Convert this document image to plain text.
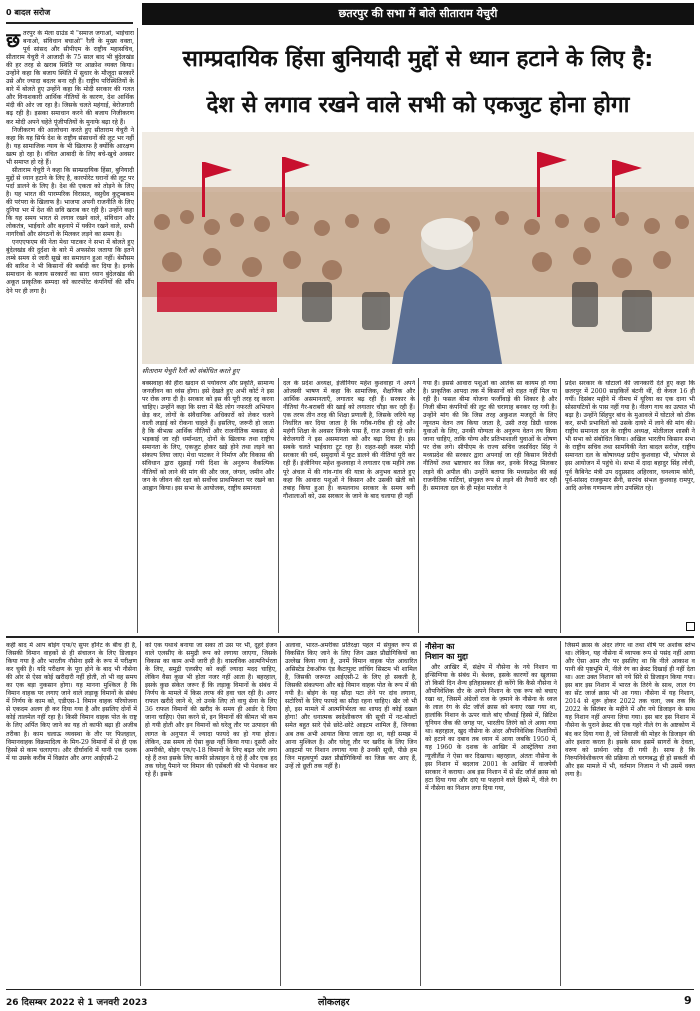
0 बादल सरोज	छतरपुर की सभा में बोले सीताराम येचुरी
साम्प्रदायिक हिंसा बुनियादी मुद्दों से ध्यान हटाने के लिए है:
देश से लगाव रखने वाले सभी को एकजुट होना होगा
सीताराम येचुरी रैली को संबोधित करते हुए

छतरपुर के मेला ग्राउंड में "समाज जगाओ, भाईचारा बनाओ, संविधान बचाओ" रैली के मुख्य वक्ता, पूर्व सांसद और सीपीएम के राष्ट्रीय महासचिव, सीताराम येचुरी ने आजादी के 75 साल बाद भी बुंदेलखंड की हर तरह से खराब स्थिति पर आक्रोश व्यक्त किया। उन्होंने कहा कि बजाय स्थिति में सुधार के मौजूदा सरकारें उसे और ज्यादा बदतर बना रही हैं। राष्ट्रीय परिस्थितियों के बारे में बोलते हुए उन्होंने कहा कि मोदी सरकार की गलत और विनाशकारी आर्थिक नीतियों के कारण, देश आर्थिक मंदी की ओर जा रहा है। जिसके चलते महंगाई, बेरोजगारी बढ़ रही है। इसका समाधान करने की बजाय निजीकरण कर मोदी अपने चहेते पूंजीपतियों के मुनाफे बढ़ा रहे हैं।

निजीकरण की आलोचना करते हुए सीताराम येचुरी ने कहा कि यह सिर्फ देश के राष्ट्रीय संसाधनों की लूट भर नहीं है। यह सामाजिक न्याय के भी खिलाफ है क्योंकि आरक्षण खत्म हो रहा है। वंचित आबादी के लिए बचे-खुचे अवसर भी समाप्त हो रहे हैं।

सीताराम येचुरी ने कहा कि साम्प्रदायिक हिंसा, बुनियादी मुद्दों से ध्यान हटाने के लिए है, कारपोरेट घरानों की लूट पर पर्दा डालने के लिए है। देश की एकता को तोड़ने के लिए है। यह भारत की पारम्परिक विरासत, वसुधैव कुटुम्बकम की परंपरा के खिलाफ है। भाजपा अपनी राजनीति के लिए दुनिया भर में देश की छवि खराब कर रही है। उन्होंने कहा कि यह समय भारत से लगाव रखने वाले, संविधान और लोकतंत्र, भाईचारे और बहनापे में यकीन रखने वाले, सभी नागरिकों और संगठनों के मिलकर लड़ने का समय है।

एनएएफएम की नेता मेधा पाटकर ने सभा में बोलते हुए बुंदेलखंड की दुर्दशा के बारे में अफसोस जताया कि इतने लम्बे समय से जारी सूखे का समाधान हुआ नहीं। बेमौसम की बारिश ने भी किसानों की बर्बादी कर दिया है। इनके समाधान के बजाय सरकारों का सारा ध्यान बुंदेलखंड की अकूत प्राकृतिक सम्पदा को कारपोरेट कंपनियों की सौंप देने पर ही लगा है।

बक्सवाहा की हीरा खदान से पर्यावरण और प्रकृति, सामान्य जनजीवन का ध्वंस होगा। इसे देखते हुए अभी कोर्ट ने इस पर रोक लगा दी है। सरकार को इस की पूरी तरह रद्द करना चाहिए। उन्होंने कहा कि सत्ता में बैठे लोग नफरती अभियान छेड़ कर, लोगों के संवैधानिक अधिकारों को लेकर चलने वाली लड़ाई को रोकना चाहते हैं। इसलिए, जरूरी हो जाता है कि बीभत्स आर्थिक नीतियों और राजनीतिक मकसद से भड़काई जा रही धर्मान्धता, दोनों के खिलाफ तथा राष्ट्रीय समानता के लिए, एकजुट होकर खड़े होने तथा लड़ने का संकल्प लिया जाए। मेधा पाटकर ने निर्माण और विकास की संविधान द्वारा सुझाई गयी दिशा के अनुरूप वैकल्पिक नीतियों को लाने की मांग की और जल, जंगल, जमीन और जन के जीवन की रक्षा को सर्वोच्च प्राथमिकता पर रखने का आह्वान किया। इस सभा के आयोजक, राष्ट्रीय समानता

दल के प्रदेश अध्यक्ष, इंजीनियर महेश कुशवाहा ने अपने ओजस्वी भाषण में कहा कि सामाजिक, शैक्षणिक और आर्थिक असमानताएँ, लगातार बढ़ रही हैं। सरकार के नीतियां गैर-बराबरी की खाई को लगातार चौड़ा कर रही हैं। एक तरफ तीन तरह की शिक्षा प्रणाली है, जिसके जरिये यह निर्धारित कर दिया जाता है कि गरीब-गरीब ही रहे और महंगी शिक्षा के अवसर जिनके पास हैं, राज उनका ही चले। बेरोजगारी ने इस असमानता को और बढ़ा दिया है। इस सबके चलते भाईचारा टूट रहा है। राहत-सही कसर मोदी सरकार की धर्म, समुदायों में फूट डालने की नीतियां पूरी कर रही हैं। इंजीनियर महेश कुशवाहा ने लगातार एक महीने तक पूरे अंचल में की गांव-गांव की यात्रा के अनुभव बताते हुए कहा कि आवारा पशुओं ने किसान और उसकी खेती को तबाह किया हुआ है। कमलनाथ सरकार के समय बनी गौशालाओं को, उस सरकार के जाने के बाद चलाया ही नहीं

गया है। इससे आवारा पशुओं का आतंक सा कायम हो गया है। प्राकृतिक आपदा तक में किसानों को राहत नहीं मिल पा रही है। फसल बीमा योजना फर्जीवाड़े की शिकार है और निजी बीमा कंपनियों की लूट की चरागाह बनकर रह गयी है। उन्होंने मांग की कि जिस तरह अकुशल मजदूरों के लिए न्यूनतम वेतन तय किया जाता है, उसी तरह डिग्री धारक युवाओं के लिए, उनकी योग्यता के अनुरूप वेतन तय किया जाना चाहिए, ताकि योग्य और प्रतिभाशाली युवाओं के शोषण पर रोक लगे। सीपीएम के राज्य सचिव जसविंदर सिंह ने मध्यप्रदेश की सरकार द्वारा अपनाई जा रही किसान विरोधी नीतियों तथा भ्रष्टाचार का जिक्र कर, इनके विरुद्ध मिलकर लड़ने की अपील की। उन्होंने बताया कि मध्यप्रदेश की कई राजनीतिक पार्टियां, संयुक्त रूप से लड़ने की तैयारी कर रही हैं। समानता दल के ही महेश मालोत ने

प्रदेश सरकार के घोटालों की जानकारी देते हुए कहा कि छतरपुर में 2000 साइकिलें बंटनी थीं, दी केवल 16 ही गयीं। दिसंबर महीने में नीमच में यूरिया का एक दाना भी सोसायटियों के पास नहीं गया है। नीलग गाय का उत्पात भी बढ़ा है। उन्होंने सिंहपुर बांध के मुआवजे में घोटाले को ठीक कर, सभी प्रभावितों को उसके दायरे में लाने की मांग की। राष्ट्रीय समानता दल के राष्ट्रीय अध्यक्ष, मोतीलाल शास्त्री ने भी सभा को संबोधित किया। अखिल भारतीय किसान सभा के राष्ट्रीय सचिव तथा सामयिकी नेता बादल सरोज, राष्ट्रीय समानता दल के कोषाध्यक्ष प्रदीप कुशवाहा भी, भोपाल से इस आयोजन में पहुंचे थे। सभा में दादा बहादुर सिंह लोधी, पूर्व कैबिनेट मंत्री उप ददुप्रसाद अहिरवार, घनश्याम कोरी, पूर्व-सांसद राजकुमार सैनी, सरपंच संभल कुशवाह रामपुर, आदि अनेक गणमान्य लोग उपस्थित रहे।

कहीं बाद में आप बोइंग एफ/ए सुपर हॉर्नेट के बीच ही है, जिसकी विमान वाहकों से ही संचालन के लिए डिजाइन किया गया है और भारतीय नौसेना इसी के रूप में परीक्षण कर चुकी है। यदि परीक्षण के पूरा होने के बाद भी नौसेना की ओर से ऐसा कोई खरीदारी नहीं होती, तो भी वह समय का एक बड़ा नुकसान होगा। यह मानना मुश्किल है कि विमान वाहक पर लगाए जाने वाले लड़ाकू विमानों के संबंध में निर्णय के काम को, एडीएस-1 विमान वाहक परियोजना से एकदम अलग ही कर दिया गया है और इसलिए दोनों में कोई तालमेल नहीं रहा है। किसी विमान वाहक पोत के राष्ट्र के लिए अर्पित किए जाने का यह तो काफी बढ़ा ही अजीब तरीका है। काम चलाऊ व्यवस्था के तौर पर फिलहाल, विमानवाहक विक्रमादित्य के मिग-29 विमानों में से ही एक हिस्से से काम चलाएगा। और दीर्घावधि में यानी एक दशक में या उसके करीब में विक्रांत और अगर आईएसी-2

को एक यथार्थ बनाया जा सका तो उस पर भी, दूहरे इंजन वाले एलसीए के समुद्री रूप को लगाया जाएगा, जिसके विकास का काम अभी जारी ही है। वास्तविक आत्मनिर्भरता के लिए, समुद्री एलसीए को कहीं ज्यादा मदद चाहिए, लेकिन वैसा कुछ भी होता नजर नहीं आता है। बहरहाल, इसके कुछ संकेत जरूर हैं कि लड़ाकू विमानों के संबंध में निर्णय के मामले में किस तरफ की हवा चल रही है। अगर राफल खरीदे जाने थे, तो उनके लिए तो वायु सेना के लिए 36 राफल विमानों की खरीद के समय ही आर्डर दे दिया जाना चाहिए। ऐसा करने से, इन विमानों की कीमत भी कम हो गयी होती और इन विमानों को घरेलू तौर पर उत्पादन की लागत के अनुपात में ज्यादा फायदे का हो गया होता। लेकिन, उस समय तो ऐसा कुछ नहीं किया गया। दूसरी ओर अमरीकी, बोइंग एफ/ए-18 विमानों के लिए बढ़त जोर लगा रहे हैं तथा इसके लिए काफी प्रोत्साहन दे रहे हैं और एक हद तक घरेलू पैमाने पर विमान की एसेंबली की भी पेशकश कर रहे हैं। इसके

अलावा, भारत-अमरीका प्रतिरक्षा पहल में संयुक्त रूप से विकसित किए जाने के लिए जिन उन्नत प्रौद्योगिकियों का उल्लेख किया गया है, उनमें विमान वाहक पोत आधारित असिस्टेड टेकऑफ एंड कैटापुल्ट लांचिंग सिस्टम भी शामिल है, जिसकी जरूरत आईएसी-2 के लिए हो सकती है, जिसकी संकल्पना और बड़े विमान वाहक पोत के रूप में की गयी है। बोइंग के यह सौदा पटा लेने पर दांव लगाना, सटोरियों के लिए फायदे का सौदा रहना चाहिए। खैर जो भी हो, इस मामले में आत्मनिर्भरता का शायद ही कोई दखल होगा! और धनात्मक स्वदेशीकरण की सूची में नट-बोल्टों समेत बहुत सारे ऐसे छोटे-छोटे आइटम शामिल हैं, जिनका अब तक अभी आयात किया जाता रहा था, यही समझ में आना मुश्किल है। और घरेलू तौर पर खरीद के लिए जिन आइटमों पर निशान लगाया गया है उनकी सूची, पीछे हम जिन महत्वपूर्ण उन्नत प्रौद्योगिकियों का जिक्र कर आए हैं, उन्हें तो छूती तक नहीं है।

नौसेना का
निशान का मुद्दा

और आखिर में, संक्षेप में नौसेना के नये निशान या इन्सिग्निया के संबंध में। बेशक, इसके कारणों का खुलासा तो किसी दिन शैन्य इतिहासकार ही करेंगे कि कैसे नौसेना ने औपनिवेशिक दौर के अपने निशान के एक रूप को बचाए रखा था, जिसमें अंग्रेजों राज के ज़माने के नौसेना के ध्वज के लाल रंग के सेंट जॉर्ज क्रास को बनाए रखा गया था, हालांकि निशान के ऊपर वाले बांए चौथाई हिस्से में, ब्रिटिश यूनियन जैक की जगह पर, भारतीय तिरंगे को ले आया गया था। बहरहाल, खुद नौसेना के अंदर औपनिवेशिक निशानियों को हटाने का दबाव तब ध्यान में आया जबकि 1950 में, यह 1960 के दशक के आखिर में आस्ट्रेलिया तथा न्यूजीलैंड ने ऐसा कर दिखाया। बहरहाल, अंततः नौसेना के इस निशान में बदलाव 2001 के आखिर में वाजपेयी सरकार ने कराया। अब इस निशान में से सेंट जॉर्ज क्रास को हटा दिया गया और दाएं या फहराने वाले हिस्से में, नीले रंग में नौसेना का निशान लगा दिया गया,

जिसमें क्रास के अंदर लंगर था तथा शीर्ष पर अशोक स्तंभ था। लेकिन, यह नौसेना में व्यापक रूप से पसंद नहीं आया और ऐसा आम तौर पर इसलिए था कि नीले आकाश व पानी की पृष्ठभूमि में, नीले रंग का क्रेस्ट दिखाई ही नहीं देता था। अतः उक्त निशान को नये सिरे से डिजाइन किया गया। इस बार इस निशान में भारत के तिरंगे के साथ, लाल रंग का सेंट जार्ज क्रास भी आ गया। नौसेना में यह निशान, 2014 से शुरू होकर 2022 तक चला, जब तक कि 2022 के सितंबर के महीने में और नये डिजाइन के साथ यह निशान नहीं अपना लिया गया। इस बार इस निशान में नौसेना के पुराने क्रेस्ट की एक गहरे नीले रंग के अष्टकोण में बंद कर दिया गया है, जो शिवाजी की मोहर के डिजाइन की ओर इशारा करता है। इसके साथ इसमें सागरों के देवता, वरुण को प्रार्थना जोड़ दी गयी है। साफ है कि निरुपनिवेशीकरण की प्रक्रिया तो चरणबद्ध ही हो सकती थी और इस मामले में भी, वर्तमान निजाम ने भी उसमें वक्त लगा है।

26 दिसम्बर 2022 से 1 जनवरी 2023	लोकलहर	9
